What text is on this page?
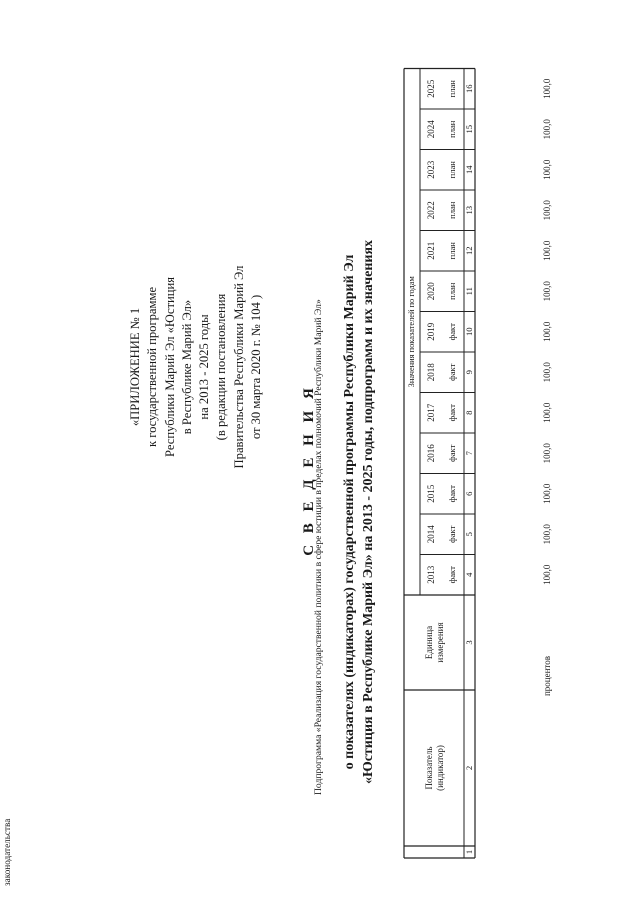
«ПРИЛОЖЕНИЕ № 1 к государственной программе Республики Марий Эл «Юстиция в Республике Марий Эл» на 2013 - 2025 годы (в редакции постановления Правительства Республики Марий Эл от 30 марта 2020 г. № 104 )
С В Е Д Е Н И Я о показателях (индикаторах) государственной программы Республики Марий Эл «Юстиция в Республике Марий Эл» на 2013 - 2025 годы, подпрограмм и их значениях	Показатель (индикатор)
Единица измерения
Значения показателей по годам
2013 факт
2014 факт
2015 факт
2016 факт
2017 факт
2018 факт
2019 факт
2020 план
2021 план
2022 план
2023 план
2024 план
2025 план
1
2
3
4
5
6
7
8
9
10
11
12
13
14
15
16
процентов
100,0
100,0
100,0
100,0
100,0
100,0
100,0
100,0
100,0
100,0
100,0
100,0
100,0
Подпрограмма «Реализация государственной политики в сфере юстиции в пределах полномочий Республики Марий Эл»
законодательства
